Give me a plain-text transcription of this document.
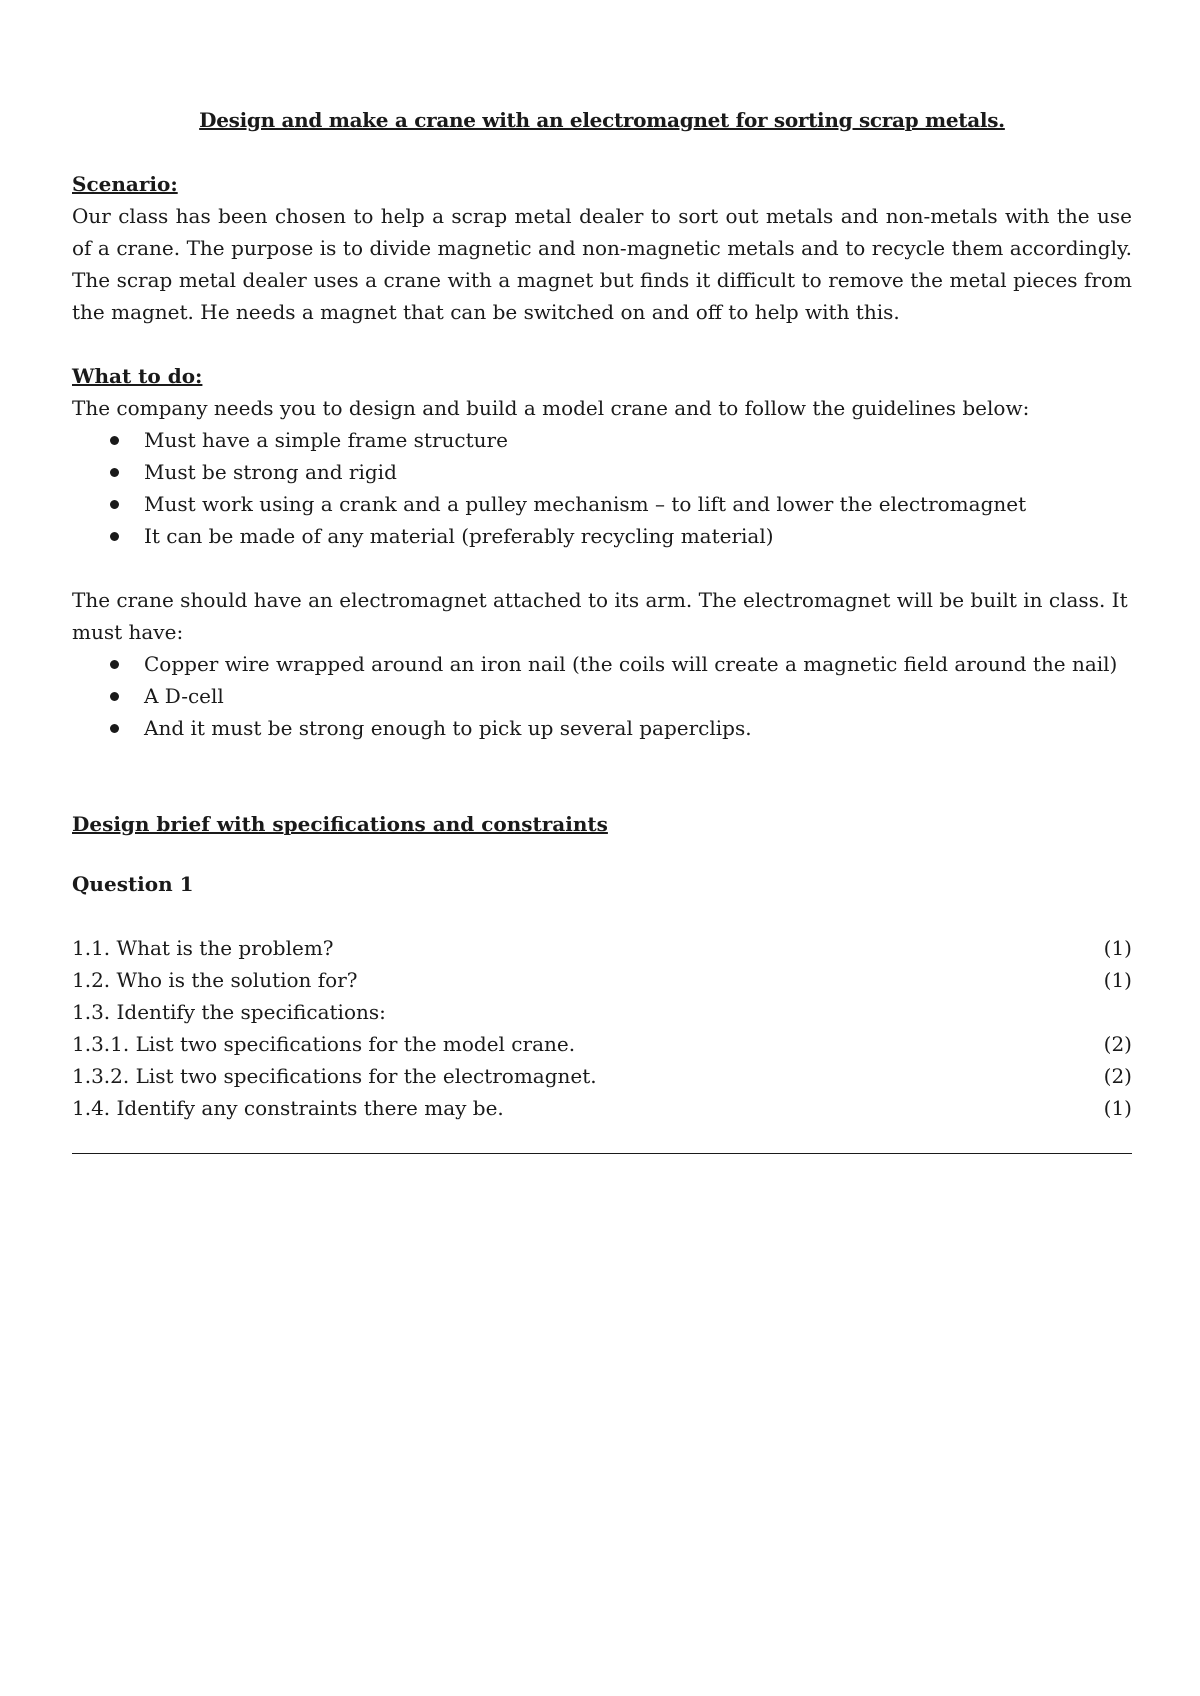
Design and make a crane with an electromagnet for sorting scrap metals.
Scenario:

Our class has been chosen to help a scrap metal dealer to sort out metals and non-metals with the use of a crane. The purpose is to divide magnetic and non-magnetic metals and to recycle them accordingly. The scrap metal dealer uses a crane with a magnet but finds it difficult to remove the metal pieces from the magnet. He needs a magnet that can be switched on and off to help with this.

What to do:

The company needs you to design and build a model crane and to follow the guidelines below:

Must have a simple frame structure
Must be strong and rigid
Must work using a crank and a pulley mechanism – to lift and lower the electromagnet
It can be made of any material (preferably recycling material)

The crane should have an electromagnet attached to its arm. The electromagnet will be built in class. It must have:

Copper wire wrapped around an iron nail (the coils will create a magnetic field around the nail)
A D-cell
And it must be strong enough to pick up several paperclips.
Design brief with specifications and constraints
Question 1
1.1. What is the problem?	(1)
1.2. Who is the solution for?	(1)
1.3. Identify the specifications:
1.3.1. List two specifications for the model crane.	(2)
1.3.2. List two specifications for the electromagnet.	(2)
1.4. Identify any constraints there may be.	(1)
